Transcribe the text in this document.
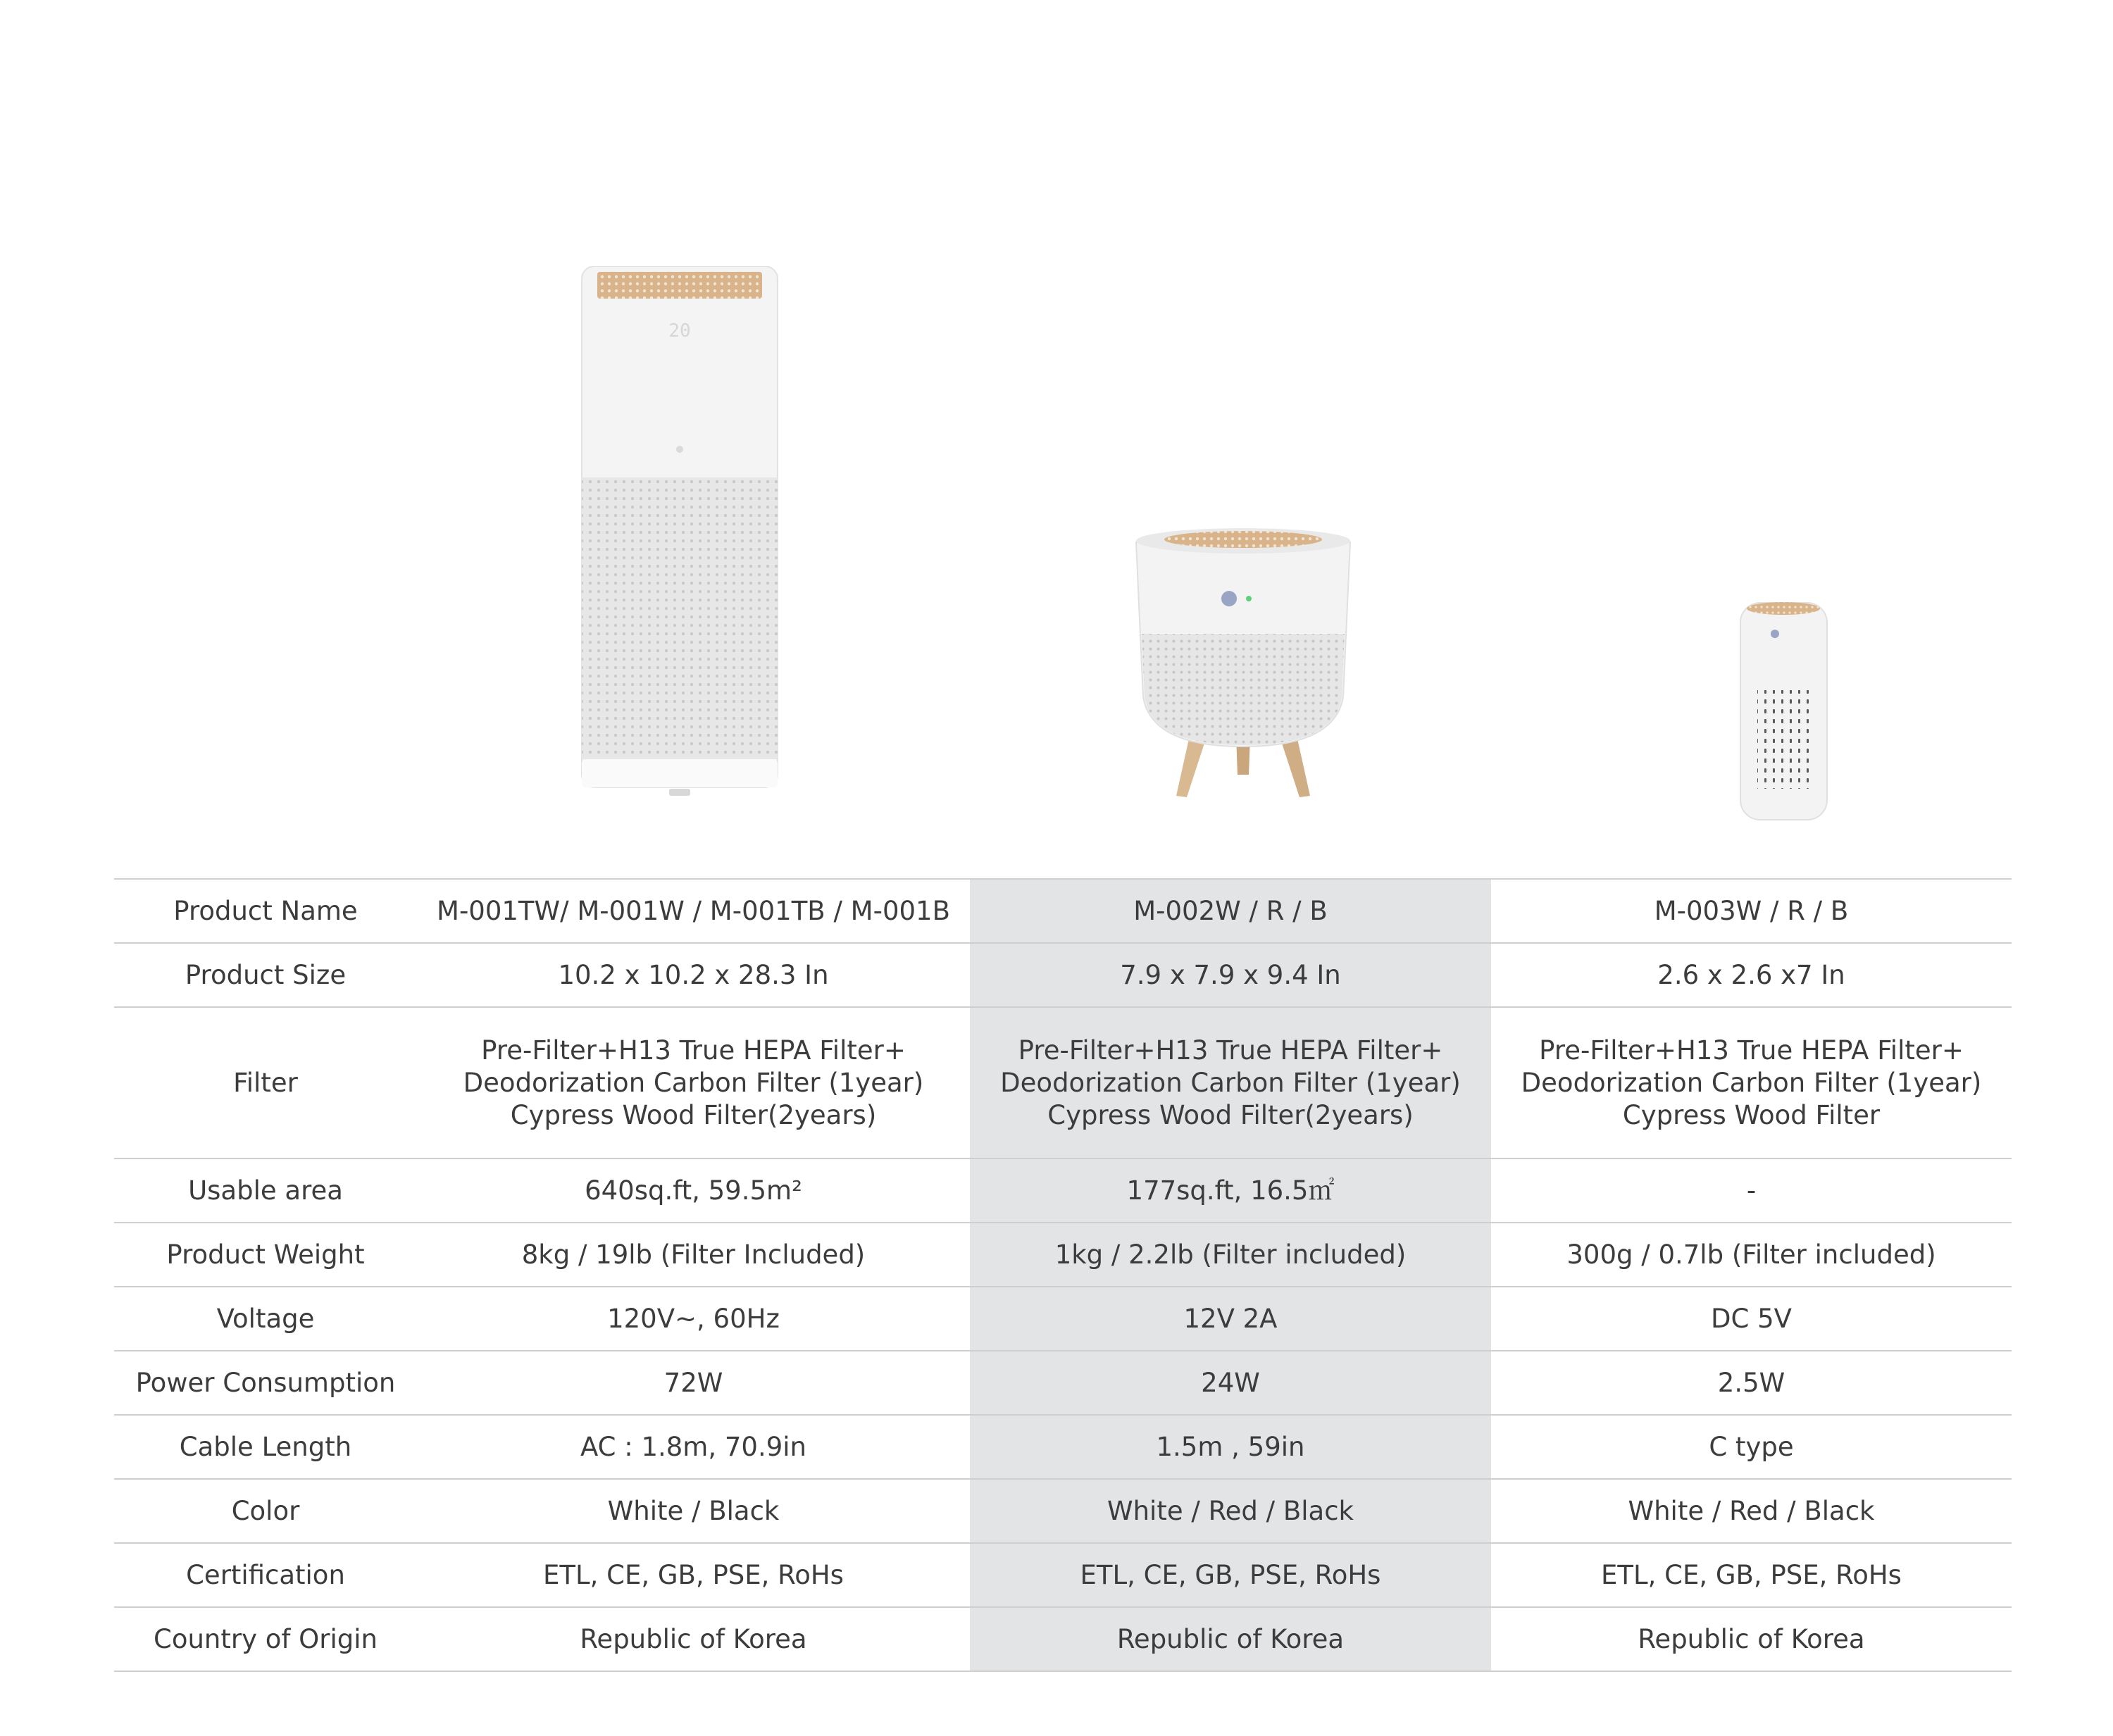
20
Product Name	M-001TW/ M-001W / M-001TB / M-001B	M-002W / R / B	M-003W / R / B
Product Size	10.2 x 10.2 x 28.3 In	7.9 x 7.9 x 9.4 In	2.6 x 2.6 x7 In
Filter	Pre-Filter+H13 True HEPA Filter+
Deodorization Carbon Filter (1year)
Cypress Wood Filter(2years)	Pre-Filter+H13 True HEPA Filter+
Deodorization Carbon Filter (1year)
Cypress Wood Filter(2years)	Pre-Filter+H13 True HEPA Filter+
Deodorization Carbon Filter (1year)
Cypress Wood Filter

Usable area	640sq.ft, 59.5m²	177sq.ft, 16.5㎡	-
Product Weight	8kg / 19lb (Filter Included)	1kg / 2.2lb (Filter included)	300g / 0.7lb (Filter included)
Voltage	120V~, 60Hz	12V 2A	DC 5V
Power Consumption	72W	24W	2.5W
Cable Length	AC : 1.8m, 70.9in	1.5m , 59in	C type
Color	White / Black	White / Red / Black	White / Red / Black
Certification	ETL, CE, GB, PSE, RoHs	ETL, CE, GB, PSE, RoHs	ETL, CE, GB, PSE, RoHs
Country of Origin	Republic of Korea	Republic of Korea	Republic of Korea
